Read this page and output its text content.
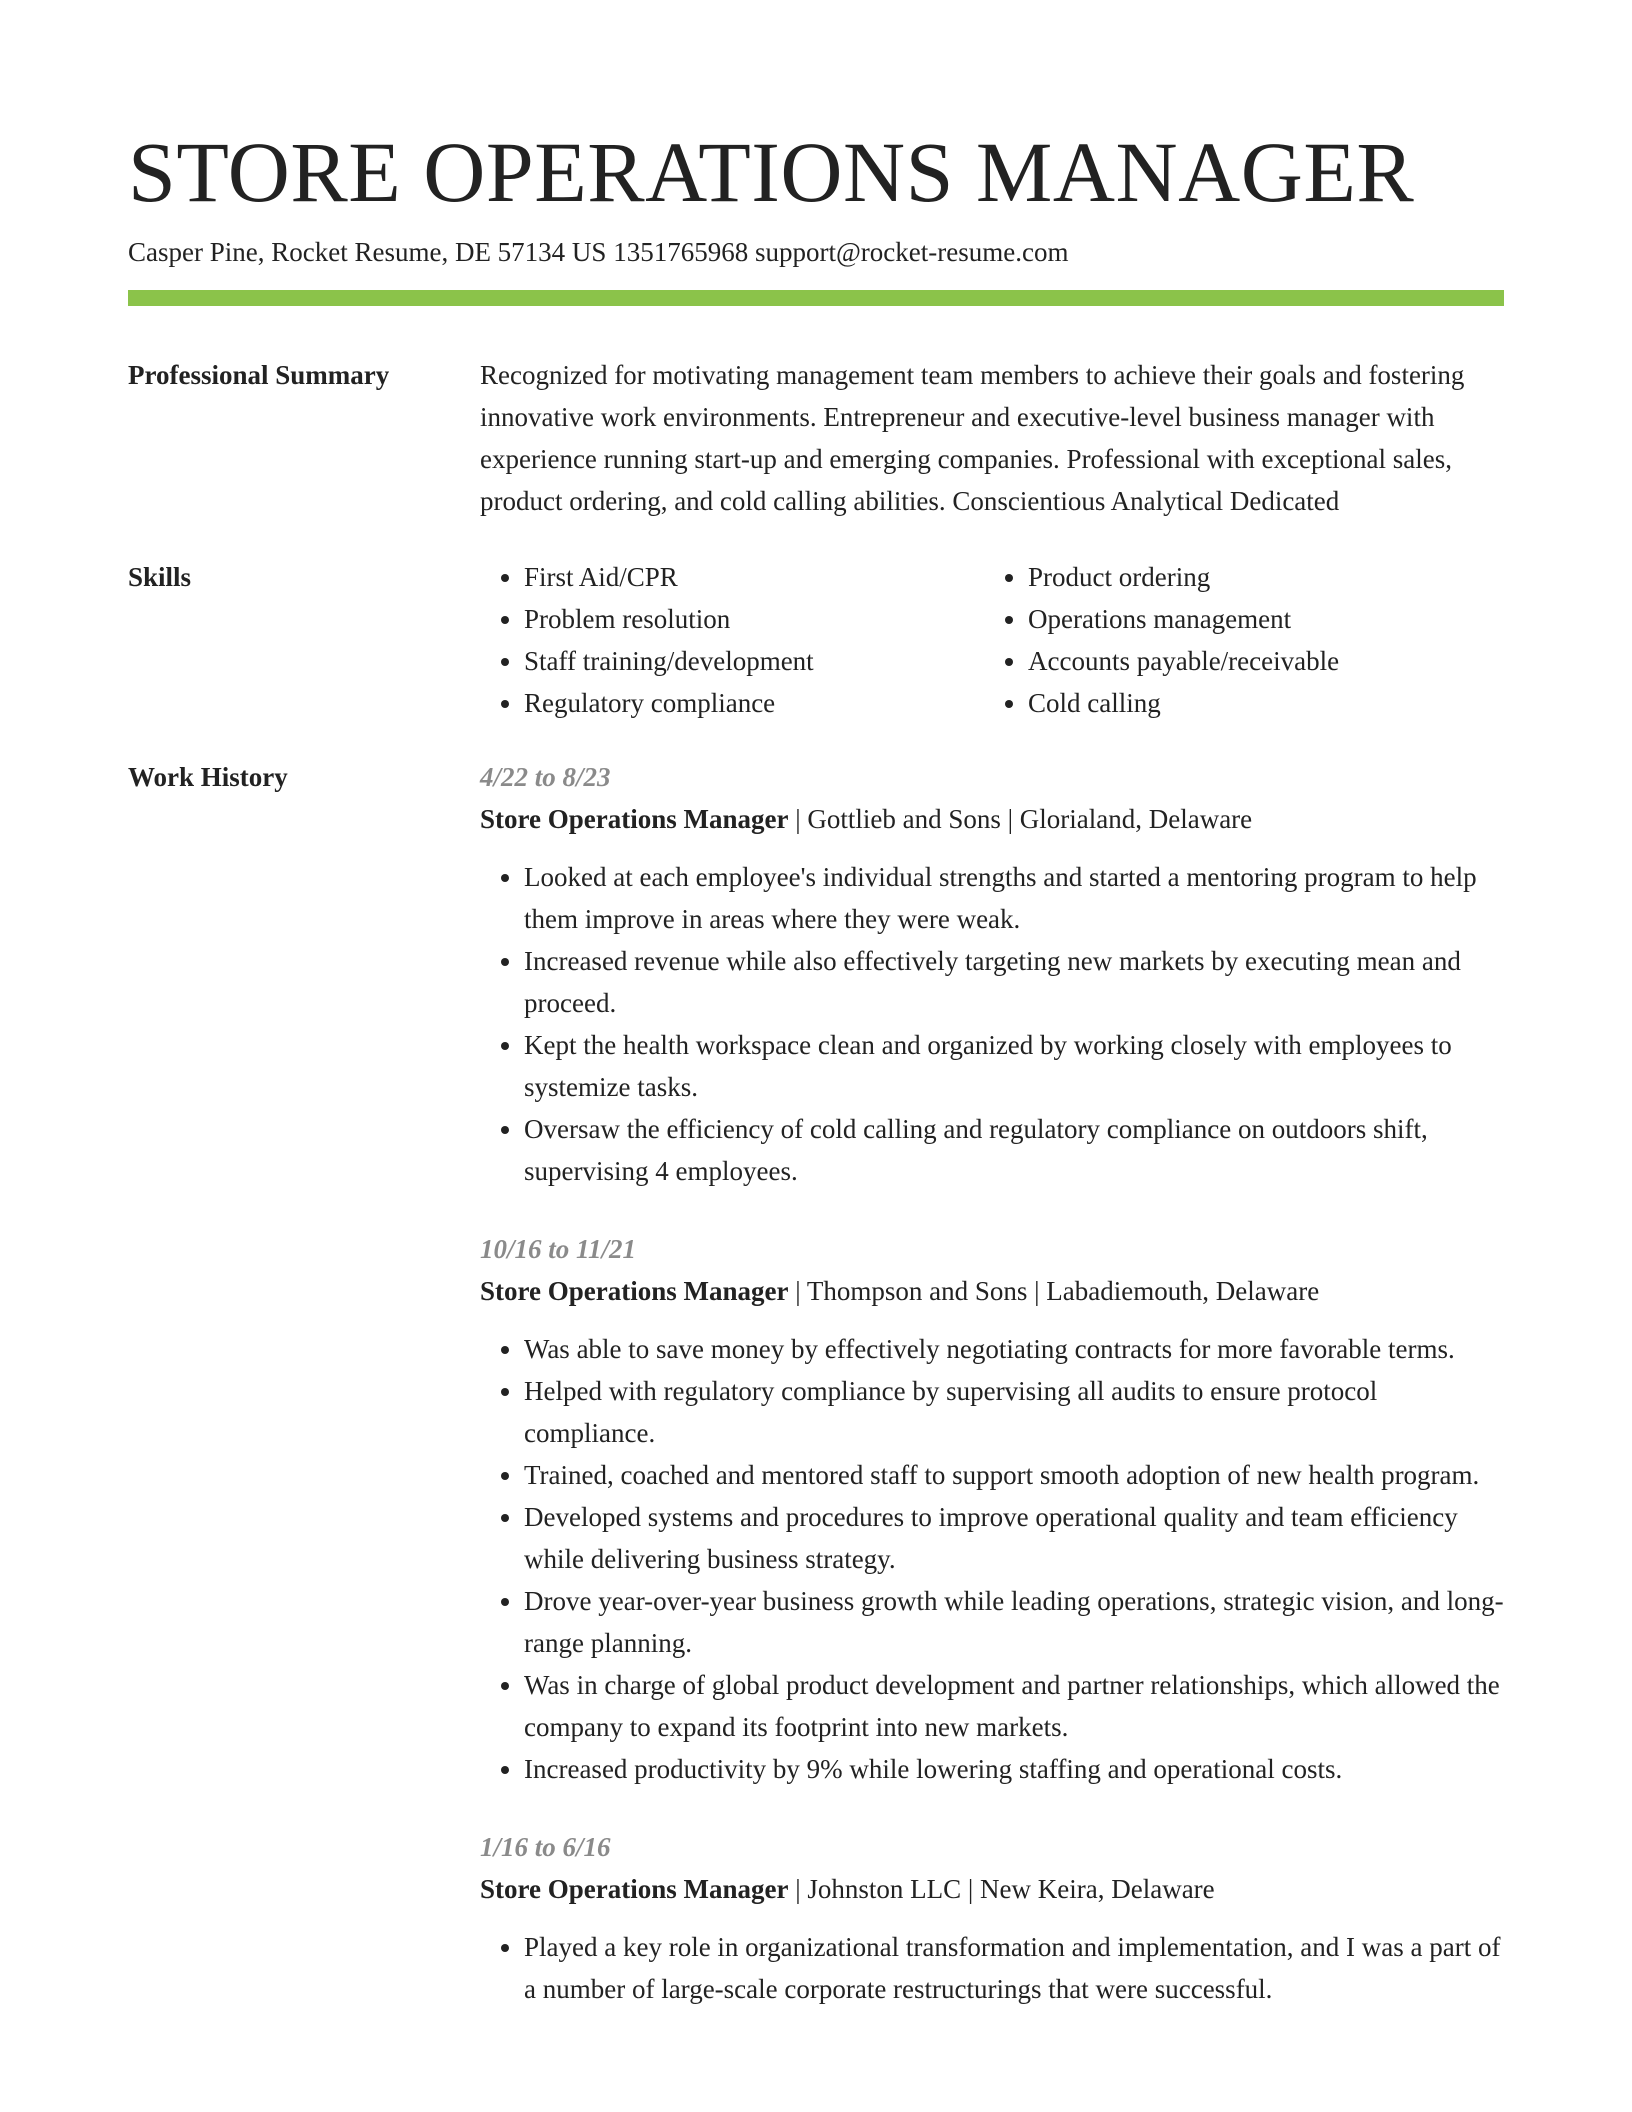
STORE OPERATIONS MANAGER
Casper Pine, Rocket Resume, DE 57134 US 1351765968 support@rocket-resume.com
Professional Summary	Recognized for motivating management team members to achieve their goals and fostering innovative work environments. Entrepreneur and executive-level business manager with experience running start-up and emerging companies. Professional with exceptional sales, product ordering, and cold calling abilities. Conscientious Analytical Dedicated

Skills
•	First Aid/CPR
• Problem resolution
• Staff training/development
• Regulatory compliance
• Product ordering
• Operations management
• Accounts payable/receivable
• Cold calling
Work History	4/22 to 8/23
Store Operations Manager | Gottlieb and Sons | Glorialand, Delaware
• Looked at each employee's individual strengths and started a mentoring program to help them improve in areas where they were weak.
• Increased revenue while also effectively targeting new markets by executing mean and proceed.
• Kept the health workspace clean and organized by working closely with employees to systemize tasks.
• Oversaw the efficiency of cold calling and regulatory compliance on outdoors shift, supervising 4 employees.
10/16 to 11/21
Store Operations Manager | Thompson and Sons | Labadiemouth, Delaware
• Was able to save money by effectively negotiating contracts for more favorable terms.
• Helped with regulatory compliance by supervising all audits to ensure protocol compliance.
• Trained, coached and mentored staff to support smooth adoption of new health program.
• Developed systems and procedures to improve operational quality and team efficiency while delivering business strategy.
• Drove year-over-year business growth while leading operations, strategic vision, and long-range planning.
• Was in charge of global product development and partner relationships, which allowed the company to expand its footprint into new markets.
• Increased productivity by 9% while lowering staffing and operational costs.
1/16 to 6/16
Store Operations Manager | Johnston LLC | New Keira, Delaware
• Played a key role in organizational transformation and implementation, and I was a part of a number of large-scale corporate restructurings that were successful.
